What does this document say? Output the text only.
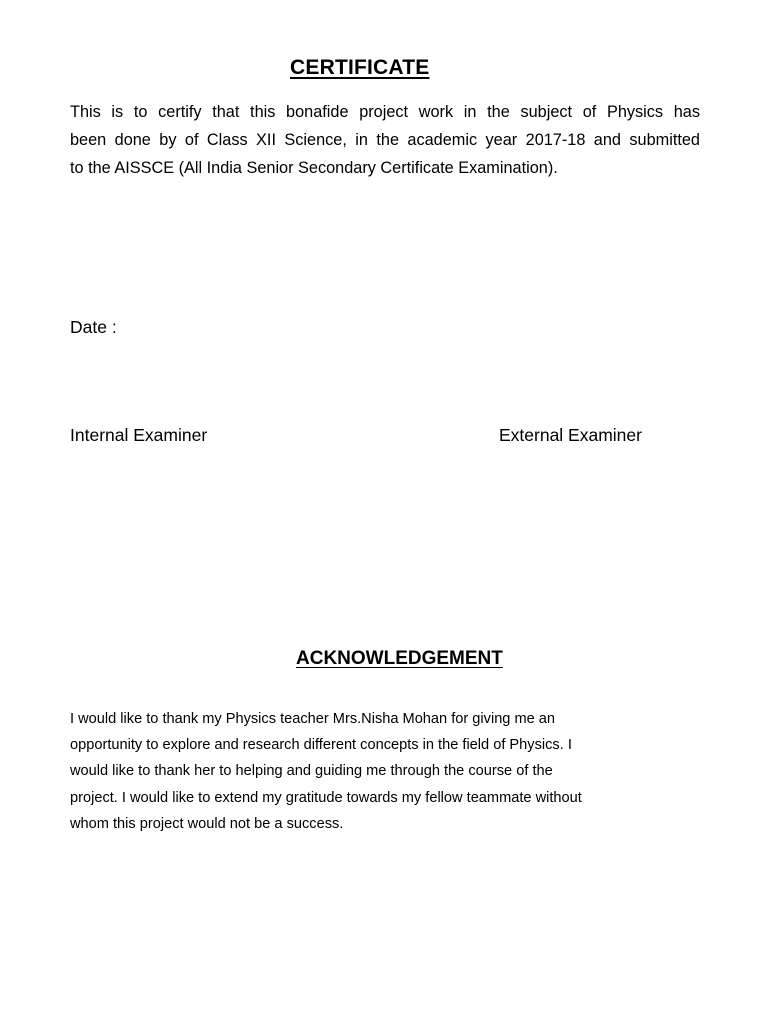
CERTIFICATE

This is to certify that this bonafide project work in the subject of Physics has
been done by of Class XII Science, in the academic year 2017-18 and submitted
to the AISSCE (All India Senior Secondary Certificate Examination).

Date :

Internal Examiner	External Examiner

ACKNOWLEDGEMENT

I would like to thank my Physics teacher Mrs.Nisha Mohan for giving me an
opportunity to explore and research different concepts in the field of Physics. I
would like to thank her to helping and guiding me through the course of the
project. I would like to extend my gratitude towards my fellow teammate without
whom this project would not be a success.
